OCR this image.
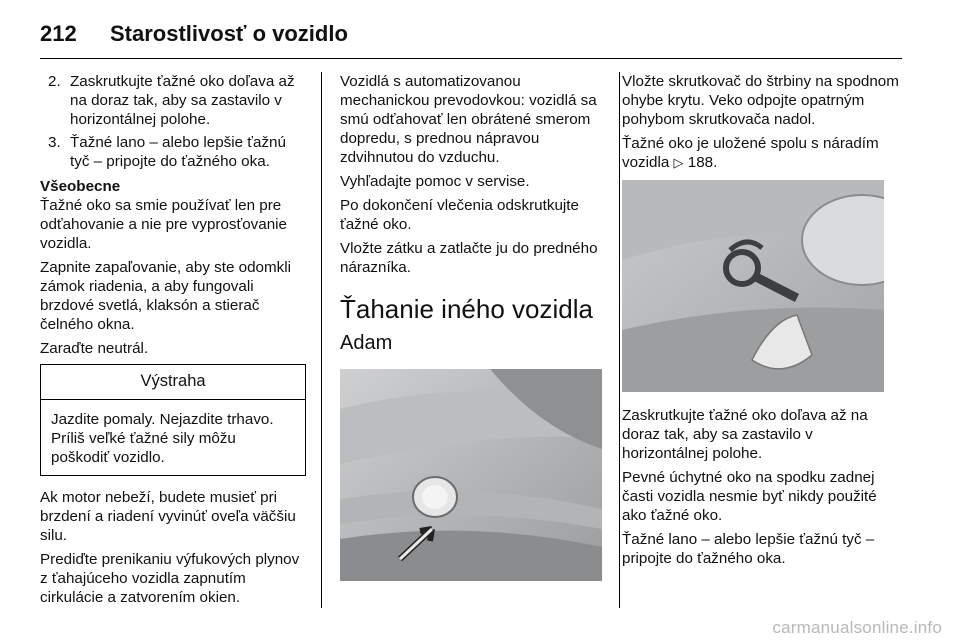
212	Starostlivosť o vozidlo
2. Zaskrutkujte ťažné oko doľava až na doraz tak, aby sa zastavilo v horizontálnej polohe.
3. Ťažné lano – alebo lepšie ťažnú tyč – pripojte do ťažného oka.
Všeobecne

Ťažné oko sa smie používať len pre odťahovanie a nie pre vyprosťovanie vozidla.

Zapnite zapaľovanie, aby ste odomkli zámok riadenia, a aby fungovali brzdové svetlá, klaksón a stierač čelného okna.

Zaraďte neutrál.

Výstraha
Jazdite pomaly. Nejazdite trhavo. Príliš veľké ťažné sily môžu poškodiť vozidlo.

Ak motor nebeží, budete musieť pri brzdení a riadení vyvinúť oveľa väčšiu silu.

Prediďte prenikaniu výfukových plynov z ťahajúceho vozidla zapnutím cirkulácie a zatvorením okien.

Vozidlá s automatizovanou mechanickou prevodovkou: vozidlá sa smú odťahovať len obrátené smerom dopredu, s prednou nápravou zdvihnutou do vzduchu.

Vyhľadajte pomoc v servise.

Po dokončení vlečenia odskrutkujte ťažné oko.

Vložte zátku a zatlačte ju do predného nárazníka.

Ťahanie iného vozidla
Adam

Vložte skrutkovač do štrbiny na spodnom ohybe krytu. Veko odpojte opatrným pohybom skrutkovača nadol.

Ťažné oko je uložené spolu s náradím vozidla ▷ 188.

Zaskrutkujte ťažné oko doľava až na doraz tak, aby sa zastavilo v horizontálnej polohe.

Pevné úchytné oko na spodku zadnej časti vozidla nesmie byť nikdy použité ako ťažné oko.

Ťažné lano – alebo lepšie ťažnú tyč – pripojte do ťažného oka.

carmanualsonline.info
